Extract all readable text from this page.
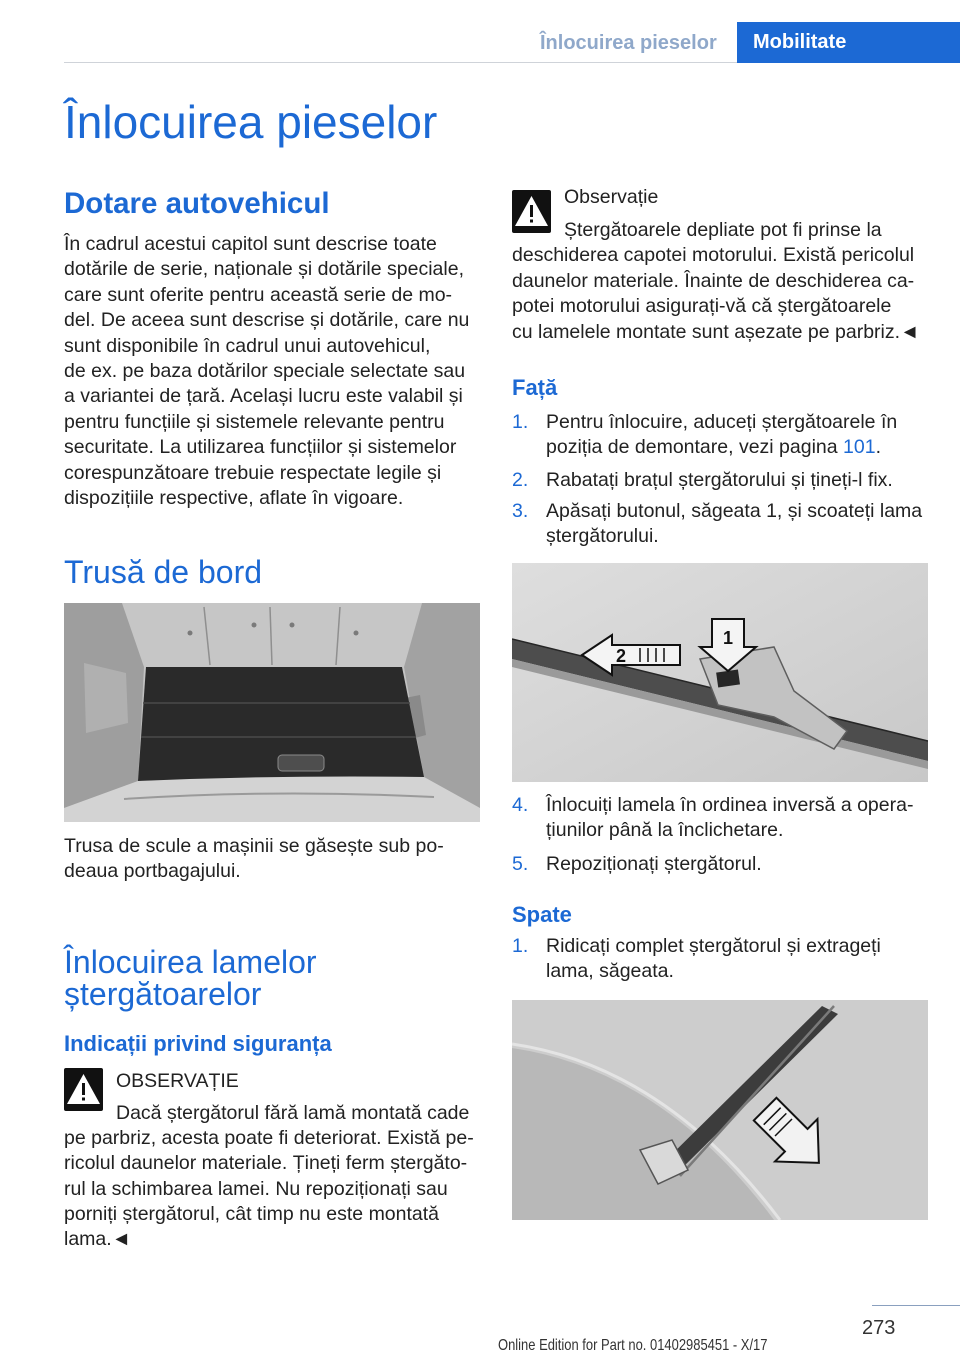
Înlocuirea pieselor Mobilitate
Înlocuirea pieselor
Dotare autovehicul
În cadrul acestui capitol sunt descrise toate
dotările de serie, naționale și dotările speciale,
care sunt oferite pentru această serie de mo‐
del. De aceea sunt descrise și dotările, care nu
sunt disponibile în cadrul unui autovehicul,
de ex. pe baza dotărilor speciale selectate sau
a variantei de țară. Același lucru este valabil și
pentru funcțiile și sistemele relevante pentru
securitate. La utilizarea funcțiilor și sistemelor
corespunzătoare trebuie respectate legile și
dispozițiile respective, aflate în vigoare.
Trusă de bord
Trusa de scule a mașinii se găsește sub po‐
deaua portbagajului.
Înlocuirea lamelor
ștergătoarelor
Indicații privind siguranța
OBSERVAȚIE
Dacă ștergătorul fără lamă montată cade
pe parbriz, acesta poate fi deteriorat. Există pe‐
ricolul daunelor materiale. Țineți ferm ștergăto‐
rul la schimbarea lamei. Nu repoziționați sau
porniți ștergătorul, cât timp nu este montată
lama.◄
Observație
Ștergătoarele depliate pot fi prinse la
deschiderea capotei motorului. Există pericolul
daunelor materiale. Înainte de deschiderea ca‐
potei motorului asigurați-vă că ștergătoarele
cu lamelele montate sunt așezate pe parbriz.◄
Față
1. Pentru înlocuire, aduceți ștergătoarele în
poziția de demontare, vezi pagina 101.
2. Rabatați brațul ștergătorului și țineți-l fix.
3. Apăsați butonul, săgeata 1, și scoateți lama
ștergătorului.
2
1
4. Înlocuiți lamela în ordinea inversă a opera‐
țiunilor până la înclichetare.
5. Repoziționați ștergătorul.
Spate
1. Ridicați complet ștergătorul și extrageți
lama, săgeata.
273
Online Edition for Part no. 01402985451 - X/17
